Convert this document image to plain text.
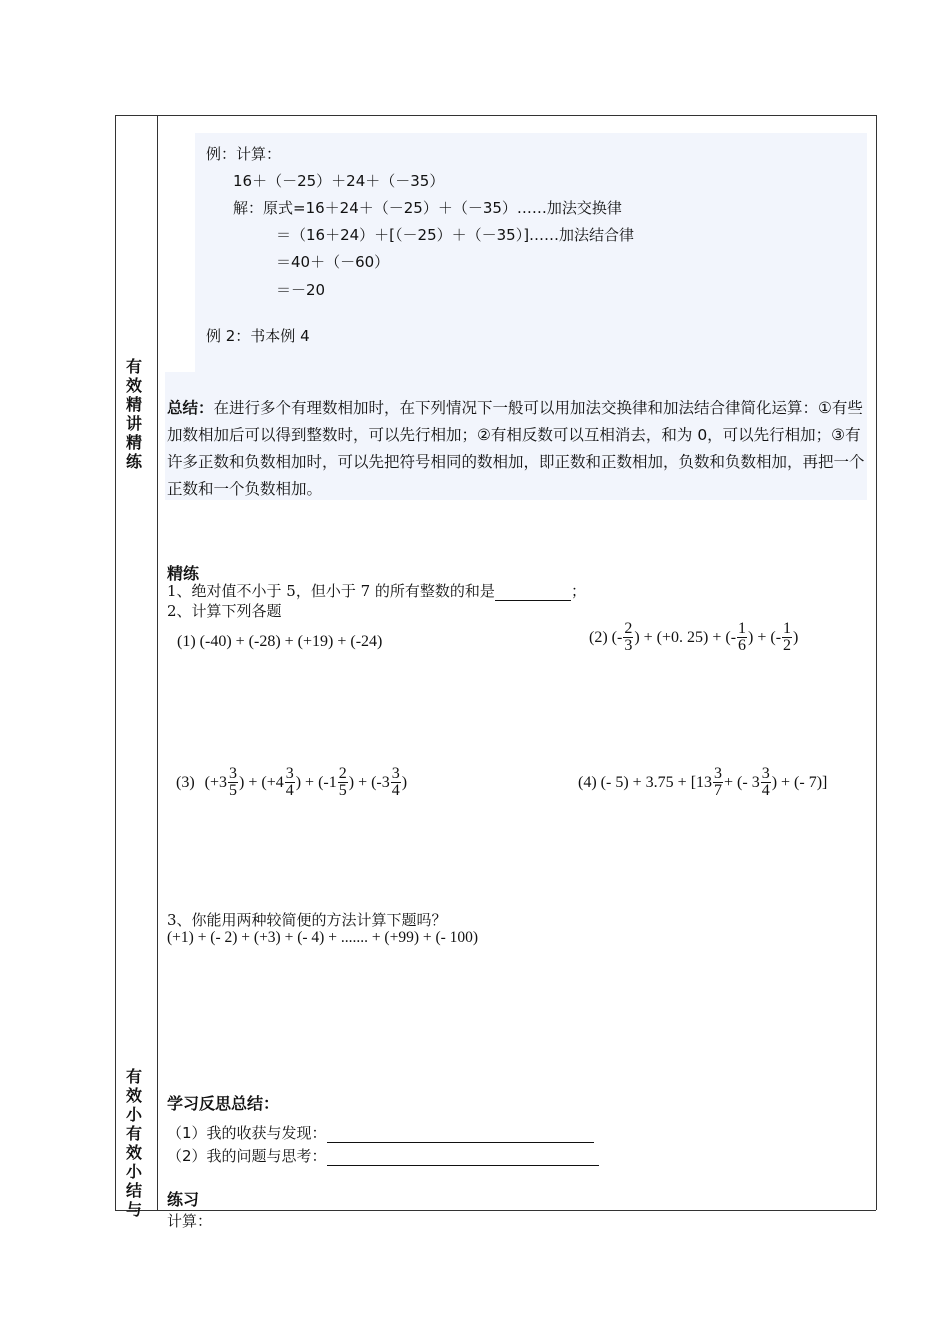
有
效
精
讲
精
练
有
效
小
有
效
小
结
与
例：计算：
16＋（－25）＋24＋（－35）
解：原式=16＋24＋（－25）＋（－35）……加法交换律
＝（16＋24）＋[（－25）＋（－35）]……加法结合律
＝40＋（－60）
＝－20
例 2：书本例 4
总结：在进行多个有理数相加时，在下列情况下一般可以用加法交换律和加法结合律简化运算：①有些加数相加后可以得到整数时，可以先行相加；②有相反数可以互相消去，和为 0，可以先行相加；③有许多正数和负数相加时，可以先把符号相同的数相加，即正数和正数相加，负数和负数相加，再把一个正数和一个负数相加。
精练
1、绝对值不小于 5，但小于 7 的所有整数的和是	；
2、计算下列各题
(1) (-40) + (-28) + (+19) + (-24)	(2) (- $\frac{2}{3}$ ) + (+0. 25) + (- $\frac{1}{6}$ ) + (- $\frac{1}{2}$ )
(3) ($+3 \frac{3}{5}$ ) + ($+4 \frac{3}{4}$ ) + ($-1 \frac{2}{5}$ ) + ($-3 \frac{3}{4}$ )	(4) (- $5) + 3.75 + [13 \frac{3}{7}$ + (- $3 \frac{3}{4}$ ) + (- 7)]
3、你能用两种较简便的方法计算下题吗？
(+1) + (- 2) + (+3) + (- 4) + ....... + (+99) + (- 100)
学习反思总结：
（1）我的收获与发现：
（2）我的问题与思考：
练习
计算：
